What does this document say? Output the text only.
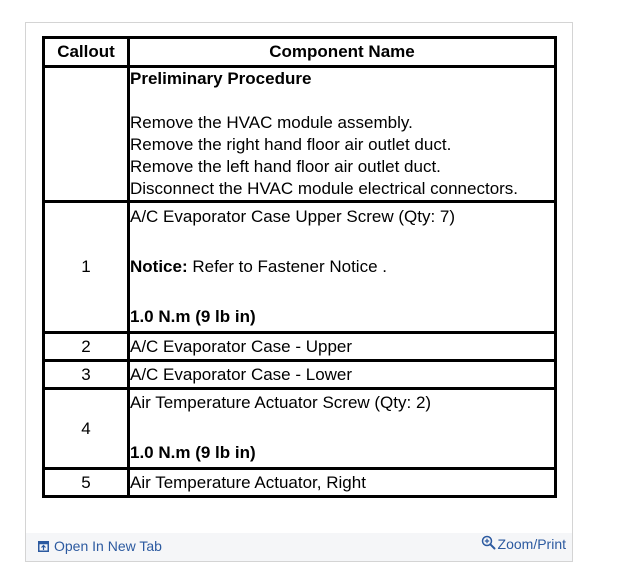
Callout	Component Name

	Preliminary Procedure
Remove the HVAC module assembly.
Remove the right hand floor air outlet duct.
Remove the left hand floor air outlet duct.
Disconnect the HVAC module electrical connectors.

1	A/C Evaporator Case Upper Screw (Qty: 7)
Notice: Refer to Fastener Notice .
1.0 N.m (9 lb in)

2	A/C Evaporator Case - Upper
3	A/C Evaporator Case - Lower
4	Air Temperature Actuator Screw (Qty: 2)
1.0 N.m (9 lb in)

5	Air Temperature Actuator, Right
Open In New Tab	Zoom/Print
